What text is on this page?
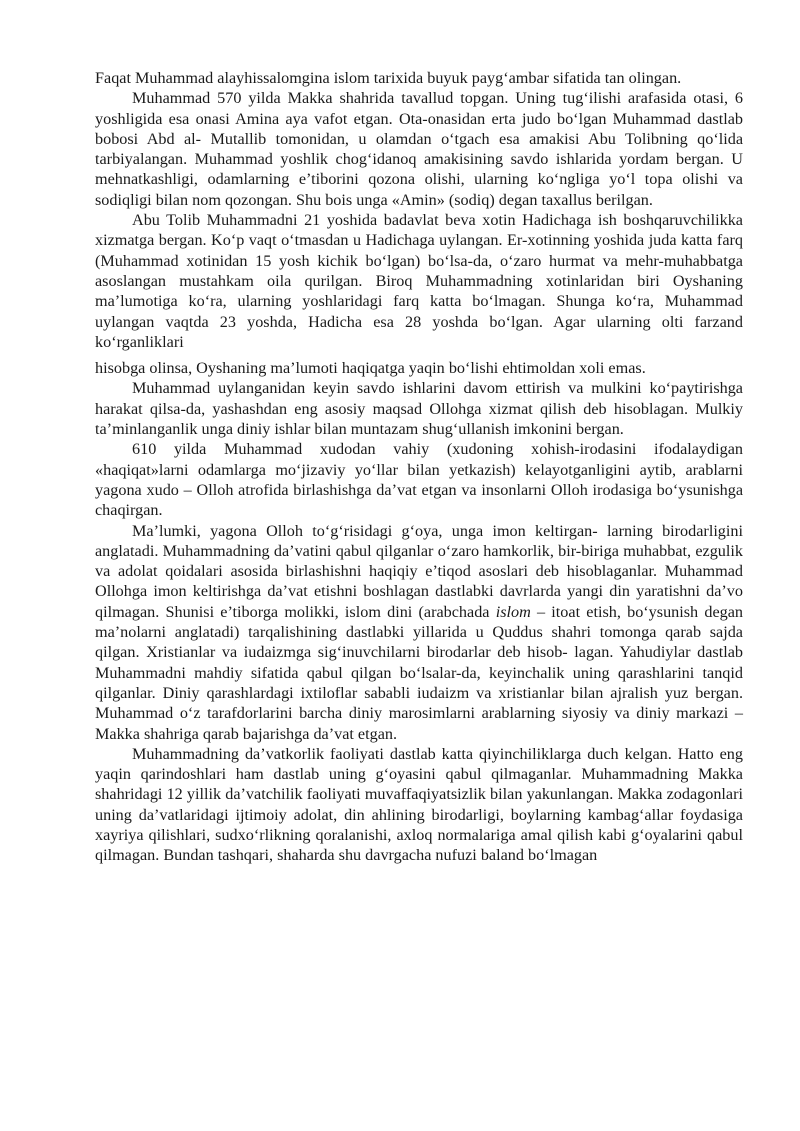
Faqat Muhammad alayhissalomgina islom tarixida buyuk payg‘ambar sifatida tan olingan.

Muhammad 570 yilda Makka shahrida tavallud topgan. Uning tug‘ilishi arafasida otasi, 6 yoshligida esa onasi Amina aya vafot etgan. Ota-onasidan erta judo bo‘lgan Muhammad dastlab bobosi Abd al- Mutallib tomonidan, u olamdan o‘tgach esa amakisi Abu Tolibning qo‘lida tarbiyalangan. Muhammad yoshlik chog‘idanoq amakisining savdo ishlarida yordam bergan. U mehnatkashligi, odamlarning e’tiborini qozona olishi, ularning ko‘ngliga yo‘l topa olishi va sodiqligi bilan nom qozongan. Shu bois unga «Amin» (sodiq) degan taxallus berilgan.

Abu Tolib Muhammadni 21 yoshida badavlat beva xotin Hadichaga ish boshqaruvchilikka xizmatga bergan. Ko‘p vaqt o‘tmasdan u Hadichaga uylangan. Er-xotinning yoshida juda katta farq (Muhammad xotinidan 15 yosh kichik bo‘lgan) bo‘lsa-da, o‘zaro hurmat va mehr-muhabbatga asoslangan mustahkam oila qurilgan. Biroq Muhammadning xotinlaridan biri Oyshaning ma’lumotiga ko‘ra, ularning yoshlaridagi farq katta bo‘lmagan. Shunga ko‘ra, Muhammad uylangan vaqtda 23 yoshda, Hadicha esa 28 yoshda bo‘lgan. Agar ularning olti farzand ko‘rganliklari

hisobga olinsa, Oyshaning ma’lumoti haqiqatga yaqin bo‘lishi ehtimoldan xoli emas.

Muhammad uylanganidan keyin savdo ishlarini davom ettirish va mulkini ko‘paytirishga harakat qilsa-da, yashashdan eng asosiy maqsad Ollohga xizmat qilish deb hisoblagan. Mulkiy ta’minlanganlik unga diniy ishlar bilan muntazam shug‘ullanish imkonini bergan.

610 yilda Muhammad xudodan vahiy (xudoning xohish-irodasini ifodalaydigan «haqiqat»larni odamlarga mo‘jizaviy yo‘llar bilan yetkazish) kelayotganligini aytib, arablarni yagona xudo – Olloh atrofida birlashishga da’vat etgan va insonlarni Olloh irodasiga bo‘ysunishga chaqirgan.

Ma’lumki, yagona Olloh to‘g‘risidagi g‘oya, unga imon keltirgan- larning birodarligini anglatadi. Muhammadning da’vatini qabul qilganlar o‘zaro hamkorlik, bir-biriga muhabbat, ezgulik va adolat qoidalari asosida birlashishni haqiqiy e’tiqod asoslari deb hisoblaganlar. Muhammad Ollohga imon keltirishga da’vat etishni boshlagan dastlabki davrlarda yangi din yaratishni da’vo qilmagan. Shunisi e’tiborga molikki, islom dini (arabchada islom – itoat etish, bo‘ysunish degan ma’nolarni anglatadi) tarqalishining dastlabki yillarida u Quddus shahri tomonga qarab sajda qilgan. Xristianlar va iudaizmga sig‘inuvchilarni birodarlar deb hisob- lagan. Yahudiylar dastlab Muhammadni mahdiy sifatida qabul qilgan bo‘lsalar-da, keyinchalik uning qarashlarini tanqid qilganlar. Diniy qarashlardagi ixtiloflar sababli iudaizm va xristianlar bilan ajralish yuz bergan. Muhammad o‘z tarafdorlarini barcha diniy marosimlarni arablarning siyosiy va diniy markazi – Makka shahriga qarab bajarishga da’vat etgan.

Muhammadning da’vatkorlik faoliyati dastlab katta qiyinchiliklarga duch kelgan. Hatto eng yaqin qarindoshlari ham dastlab uning g‘oyasini qabul qilmaganlar. Muhammadning Makka shahridagi 12 yillik da’vatchilik faoliyati muvaffaqiyatsizlik bilan yakunlangan. Makka zodagonlari uning da’vatlaridagi ijtimoiy adolat, din ahlining birodarligi, boylarning kambag‘allar foydasiga xayriya qilishlari, sudxo‘rlikning qoralanishi, axloq normalariga amal qilish kabi g‘oyalarini qabul qilmagan. Bundan tashqari, shaharda shu davrgacha nufuzi baland bo‘lmagan
